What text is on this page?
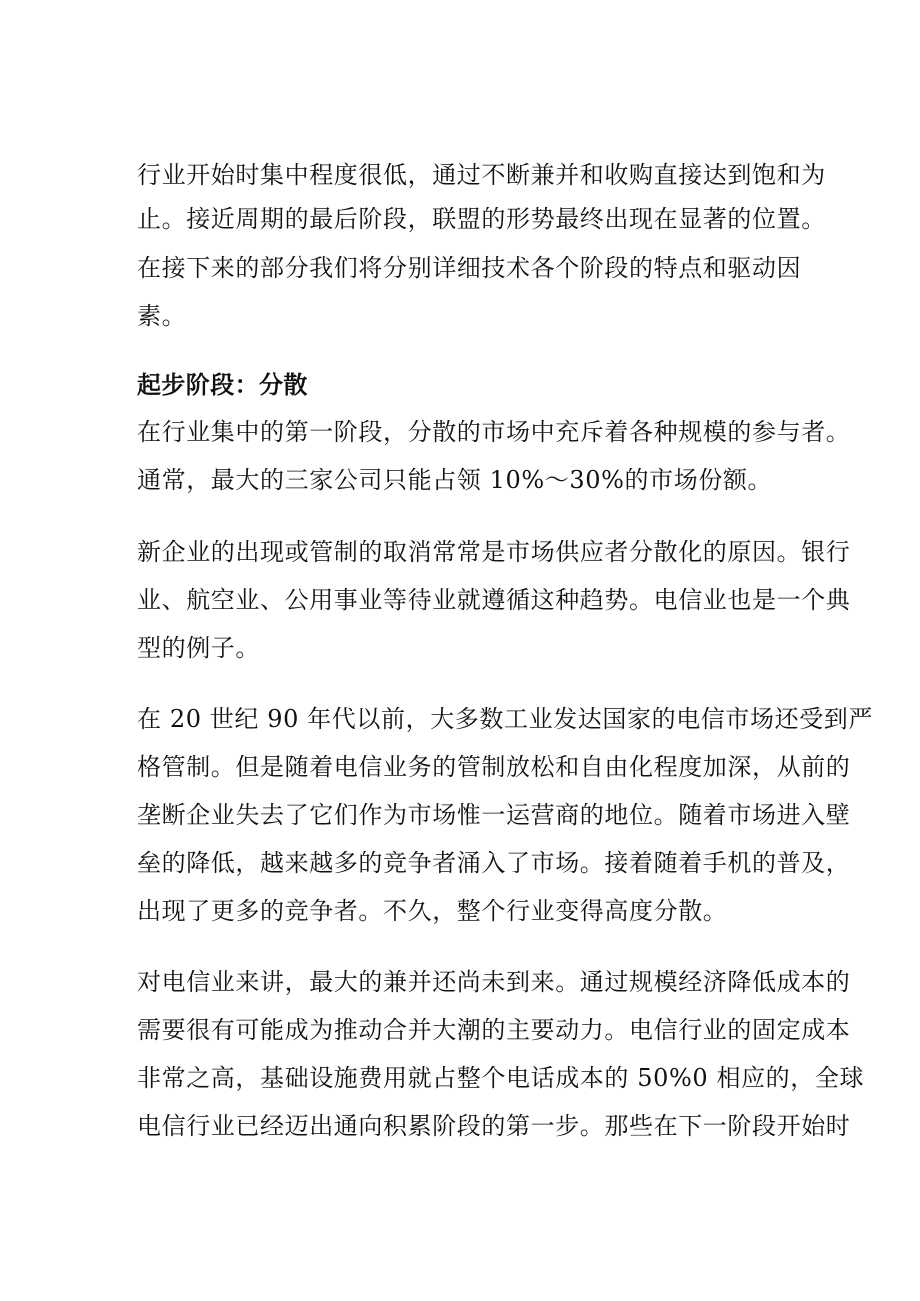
行业开始时集中程度很低，通过不断兼并和收购直接达到饱和为
止。接近周期的最后阶段，联盟的形势最终出现在显著的位置。
在接下来的部分我们将分别详细技术各个阶段的特点和驱动因
素。
起步阶段：分散
在行业集中的第一阶段，分散的市场中充斥着各种规模的参与者。
通常，最大的三家公司只能占领 10%～30%的市场份额。
新企业的出现或管制的取消常常是市场供应者分散化的原因。银行
业、航空业、公用事业等待业就遵循这种趋势。电信业也是一个典
型的例子。
在 20 世纪 90 年代以前，大多数工业发达国家的电信市场还受到严
格管制。但是随着电信业务的管制放松和自由化程度加深，从前的
垄断企业失去了它们作为市场惟一运营商的地位。随着市场进入壁
垒的降低，越来越多的竞争者涌入了市场。接着随着手机的普及，
出现了更多的竞争者。不久，整个行业变得高度分散。
对电信业来讲，最大的兼并还尚未到来。通过规模经济降低成本的
需要很有可能成为推动合并大潮的主要动力。电信行业的固定成本
非常之高，基础设施费用就占整个电话成本的 50%0 相应的，全球
电信行业已经迈出通向积累阶段的第一步。那些在下一阶段开始时
